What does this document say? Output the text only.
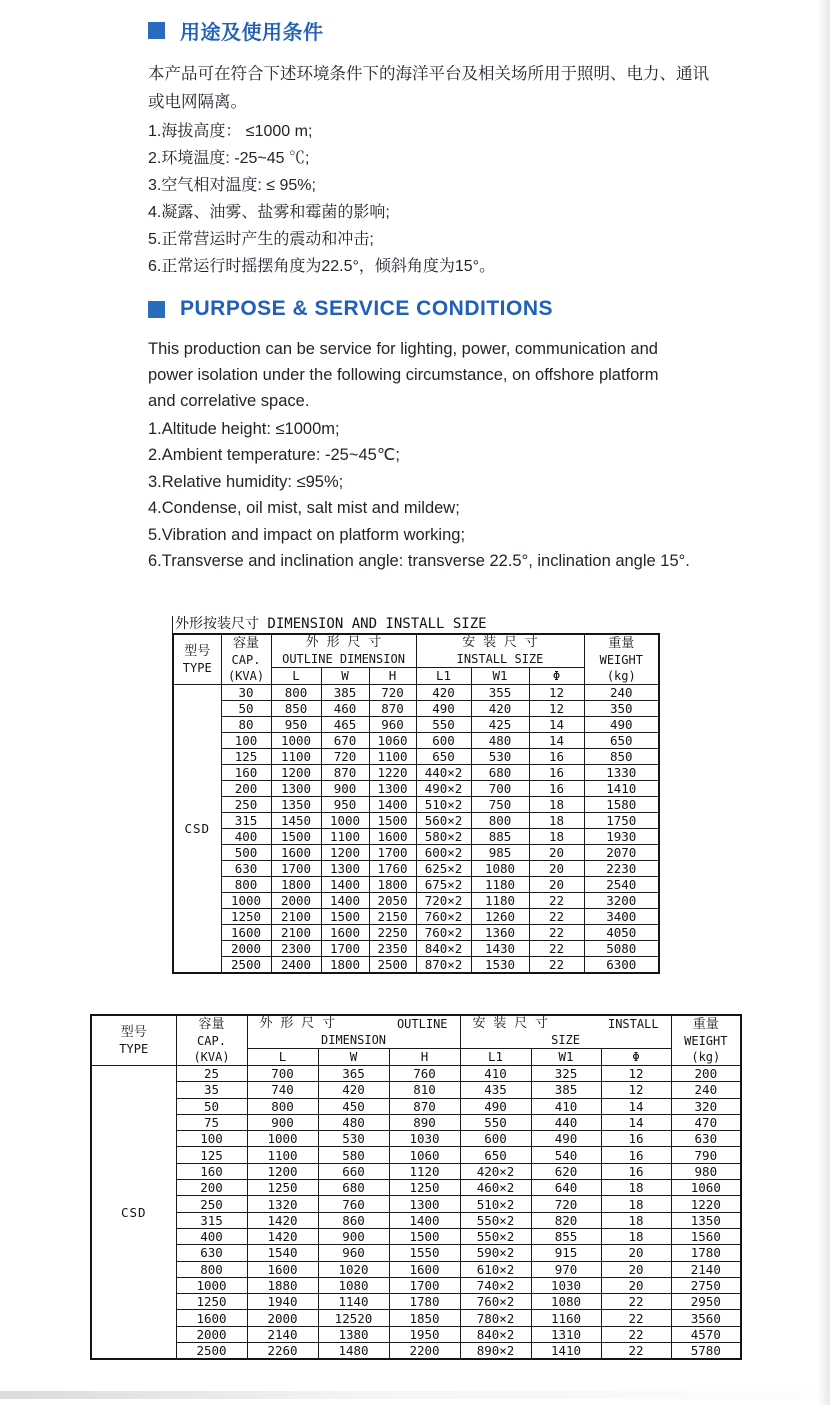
用途及使用条件

本产品可在符合下述环境条件下的海洋平台及相关场所用于照明、电力、通讯或电网隔离。

1.海拔高度： ≤1000 m;
2.环境温度: -25~45 ℃;
3.空气相对温度: ≤ 95%;
4.凝露、油雾、盐雾和霉菌的影响;
5.正常营运时产生的震动和冲击;
6.正常运行时摇摆角度为22.5°，倾斜角度为15°。
PURPOSE & SERVICE CONDITIONS

This production can be service for lighting, power, communication and power isolation under the following circumstance, on offshore platform and correlative space.

1.Altitude height: ≤1000m;
2.Ambient temperature: -25~45℃;
3.Relative humidity: ≤95%;
4.Condense, oil mist, salt mist and mildew;
5.Vibration and impact on platform working;
6.Transverse and inclination angle: transverse 22.5°, inclination angle 15°.
外形按装尺寸 DIMENSION AND INSTALL SIZE
型号
TYPE

容量
CAP.
(KVA)

外 形 尺 寸
OUTLINE DIMENSION

安 装 尺 寸
INSTALL SIZE

重量
WEIGHT
(kg)

		L	W	H	L1	W1	Φ	
CSD	30	800	385	720	420	355	12	240
	50	850	460	870	490	420	12	350
	80	950	465	960	550	425	14	490
	100	1000	670	1060	600	480	14	650
	125	1100	720	1100	650	530	16	850
	160	1200	870	1220	440×2	680	16	1330
	200	1300	900	1300	490×2	700	16	1410
	250	1350	950	1400	510×2	750	18	1580
	315	1450	1000	1500	560×2	800	18	1750
	400	1500	1100	1600	580×2	885	18	1930
	500	1600	1200	1700	600×2	985	20	2070
	630	1700	1300	1760	625×2	1080	20	2230
	800	1800	1400	1800	675×2	1180	20	2540
	1000	2000	1400	2050	720×2	1180	22	3200
	1250	2100	1500	2150	760×2	1260	22	3400
	1600	2100	1600	2250	760×2	1360	22	4050
	2000	2300	1700	2350	840×2	1430	22	5080
	2500	2400	1800	2500	870×2	1530	22	6300
型号
TYPE

容量
CAP.
(KVA)

外 形 尺 寸	OUTLINE
DIMENSION

安 装 尺 寸	INSTALL
SIZE

重量
WEIGHT
(kg)

		L	W	H	L1	W1	Φ	
CSD	25	700	365	760	410	325	12	200
	35	740	420	810	435	385	12	240
	50	800	450	870	490	410	14	320
	75	900	480	890	550	440	14	470
	100	1000	530	1030	600	490	16	630
	125	1100	580	1060	650	540	16	790
	160	1200	660	1120	420×2	620	16	980
	200	1250	680	1250	460×2	640	18	1060
	250	1320	760	1300	510×2	720	18	1220
	315	1420	860	1400	550×2	820	18	1350
	400	1420	900	1500	550×2	855	18	1560
	630	1540	960	1550	590×2	915	20	1780
	800	1600	1020	1600	610×2	970	20	2140
	1000	1880	1080	1700	740×2	1030	20	2750
	1250	1940	1140	1780	760×2	1080	22	2950
	1600	2000	12520	1850	780×2	1160	22	3560
	2000	2140	1380	1950	840×2	1310	22	4570
	2500	2260	1480	2200	890×2	1410	22	5780
